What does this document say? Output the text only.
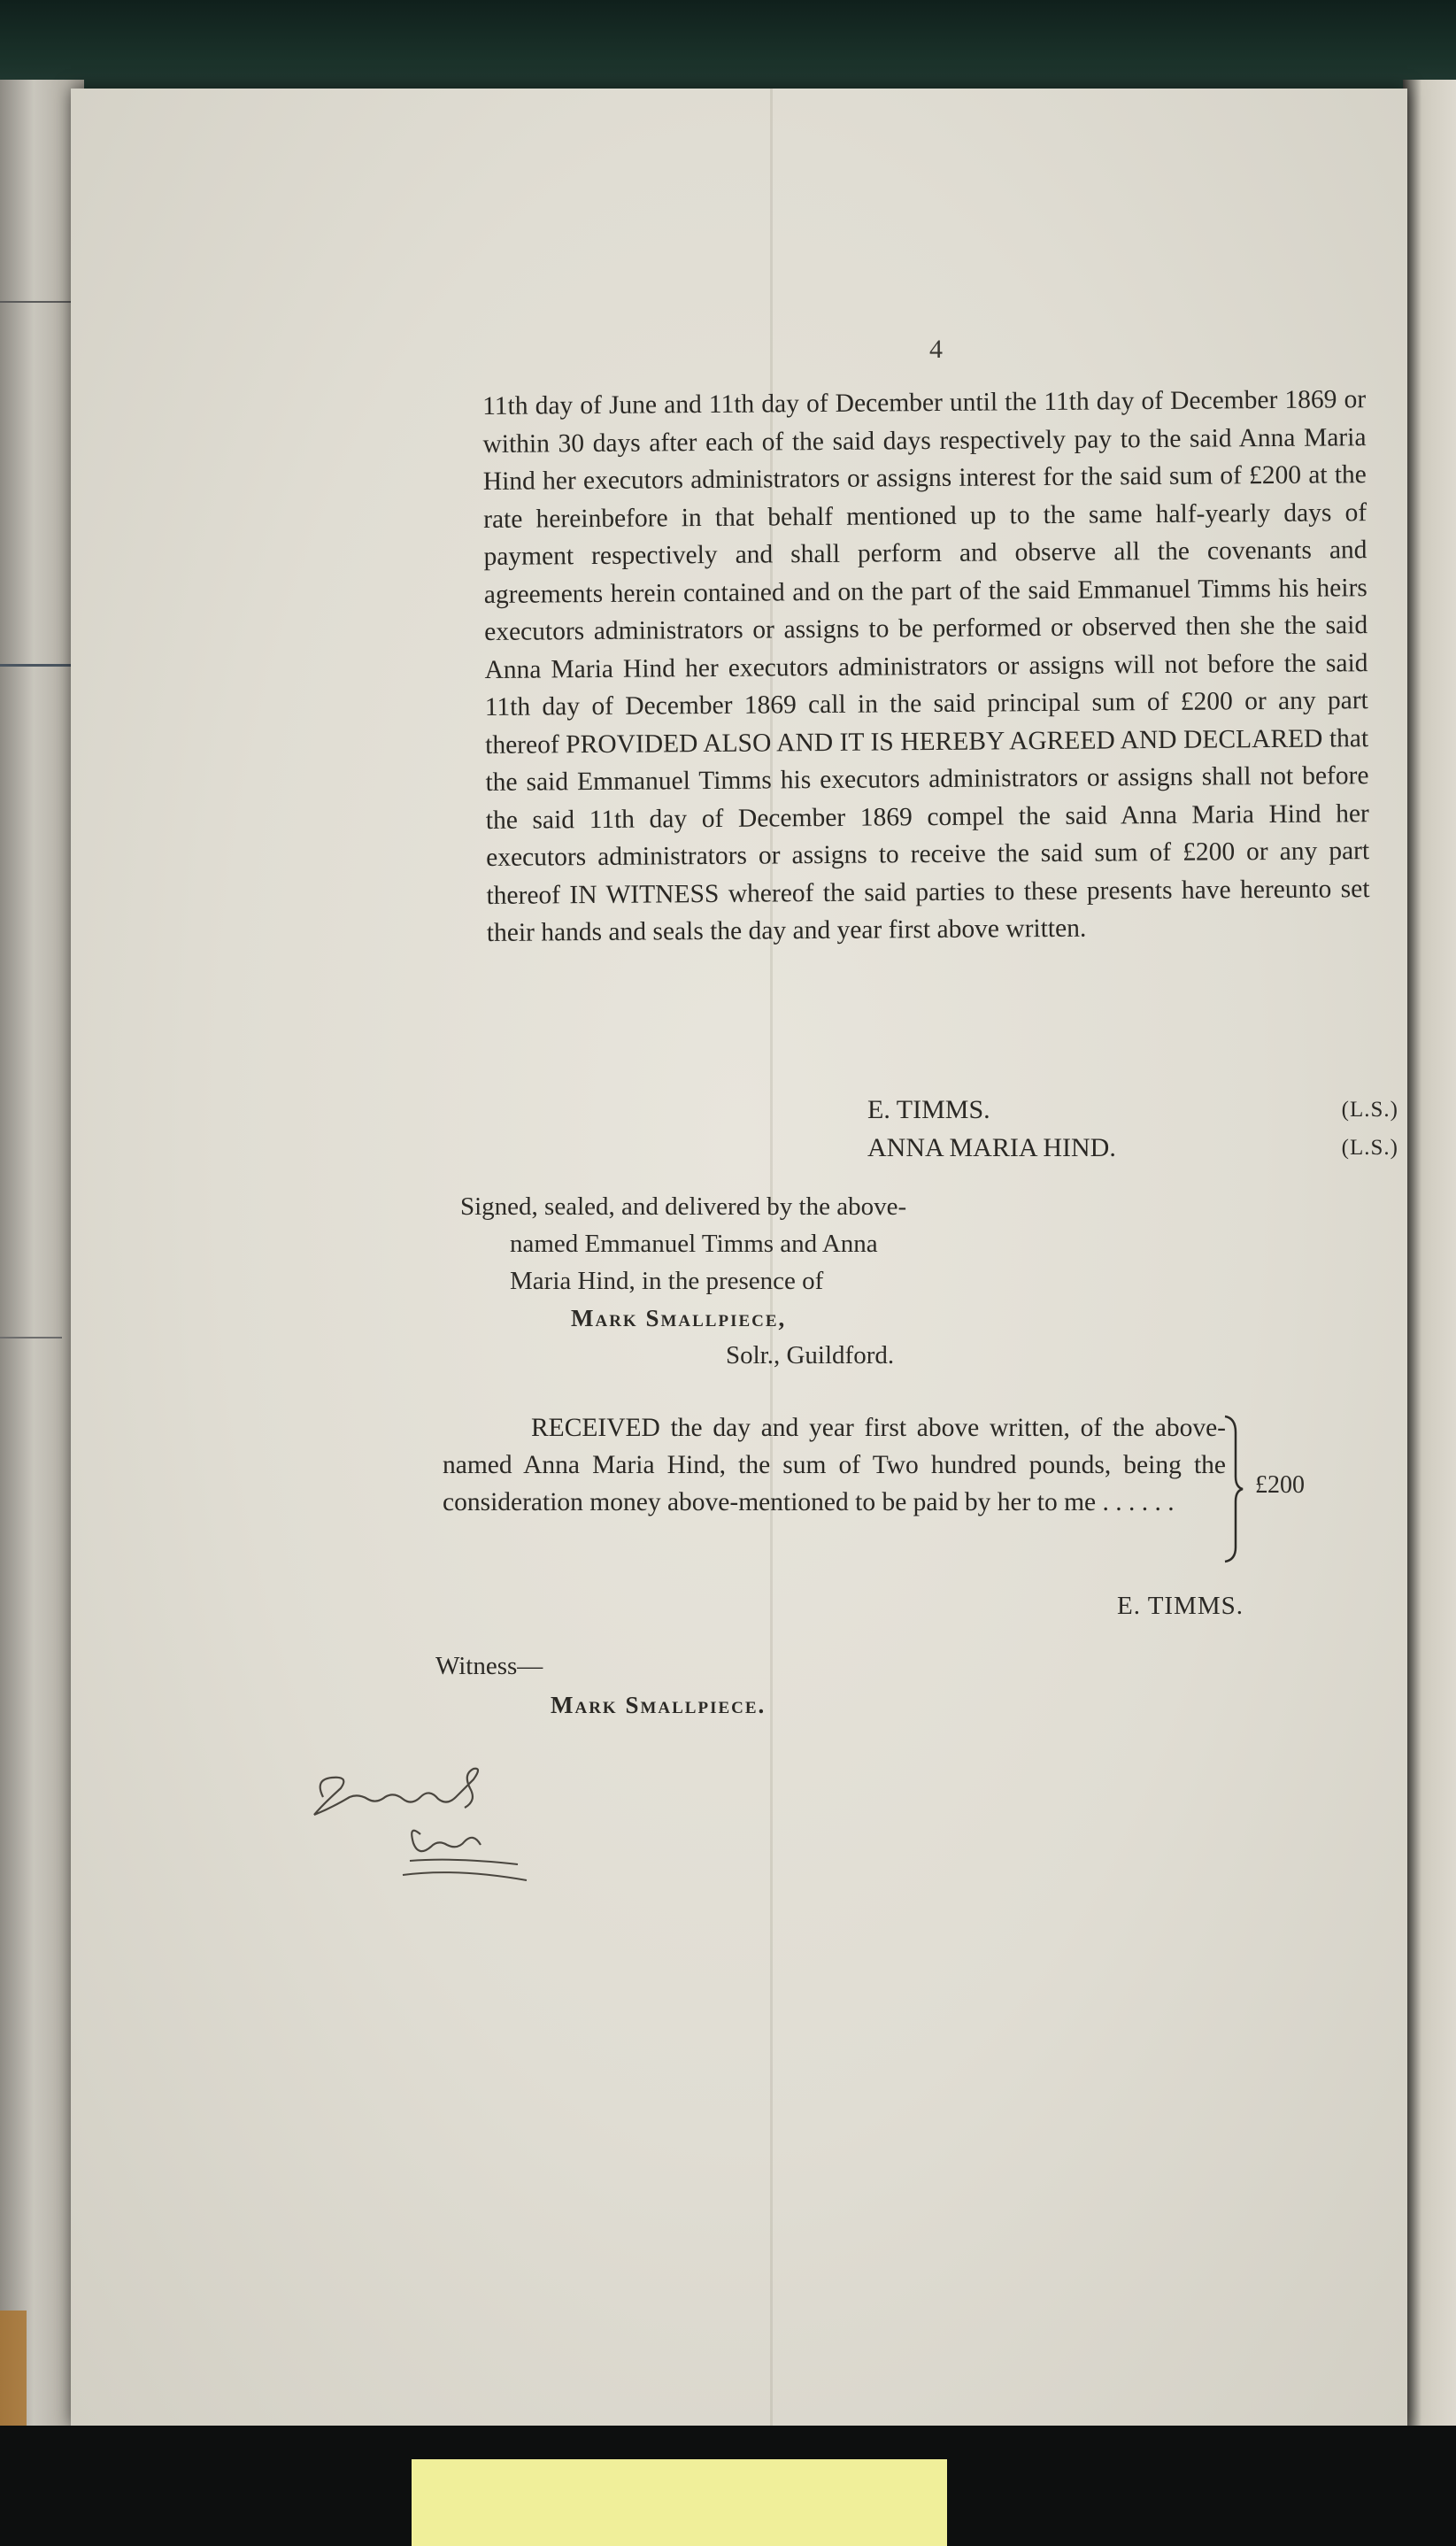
4
11th day of June and 11th day of December until the 11th day of December 1869 or within 30 days after each of the said days respectively pay to the said Anna Maria Hind her executors administrators or assigns interest for the said sum of £200 at the rate hereinbefore in that behalf mentioned up to the same half-yearly days of payment respectively and shall perform and observe all the covenants and agreements herein contained and on the part of the said Emmanuel Timms his heirs executors administrators or assigns to be performed or observed then she the said Anna Maria Hind her executors administrators or assigns will not before the said 11th day of December 1869 call in the said principal sum of £200 or any part thereof PROVIDED ALSO AND IT IS HEREBY AGREED AND DECLARED that the said Emmanuel Timms his executors administrators or assigns shall not before the said 11th day of December 1869 compel the said Anna Maria Hind her executors administrators or assigns to receive the said sum of £200 or any part thereof IN WITNESS whereof the said parties to these presents have hereunto set their hands and seals the day and year first above written.
E. TIMMS.	(L.S.)
ANNA MARIA HIND.	(L.S.)
Signed, sealed, and delivered by the above-
named Emmanuel Timms and Anna
Maria Hind, in the presence of
Mark Smallpiece,
Solr., Guildford.
RECEIVED the day and year first above written, of the above-named Anna Maria Hind, the sum of Two hundred pounds, being the consideration money above-mentioned to be paid by her to me . . . . . .
£200
E. TIMMS.
Witness—
Mark Smallpiece.
